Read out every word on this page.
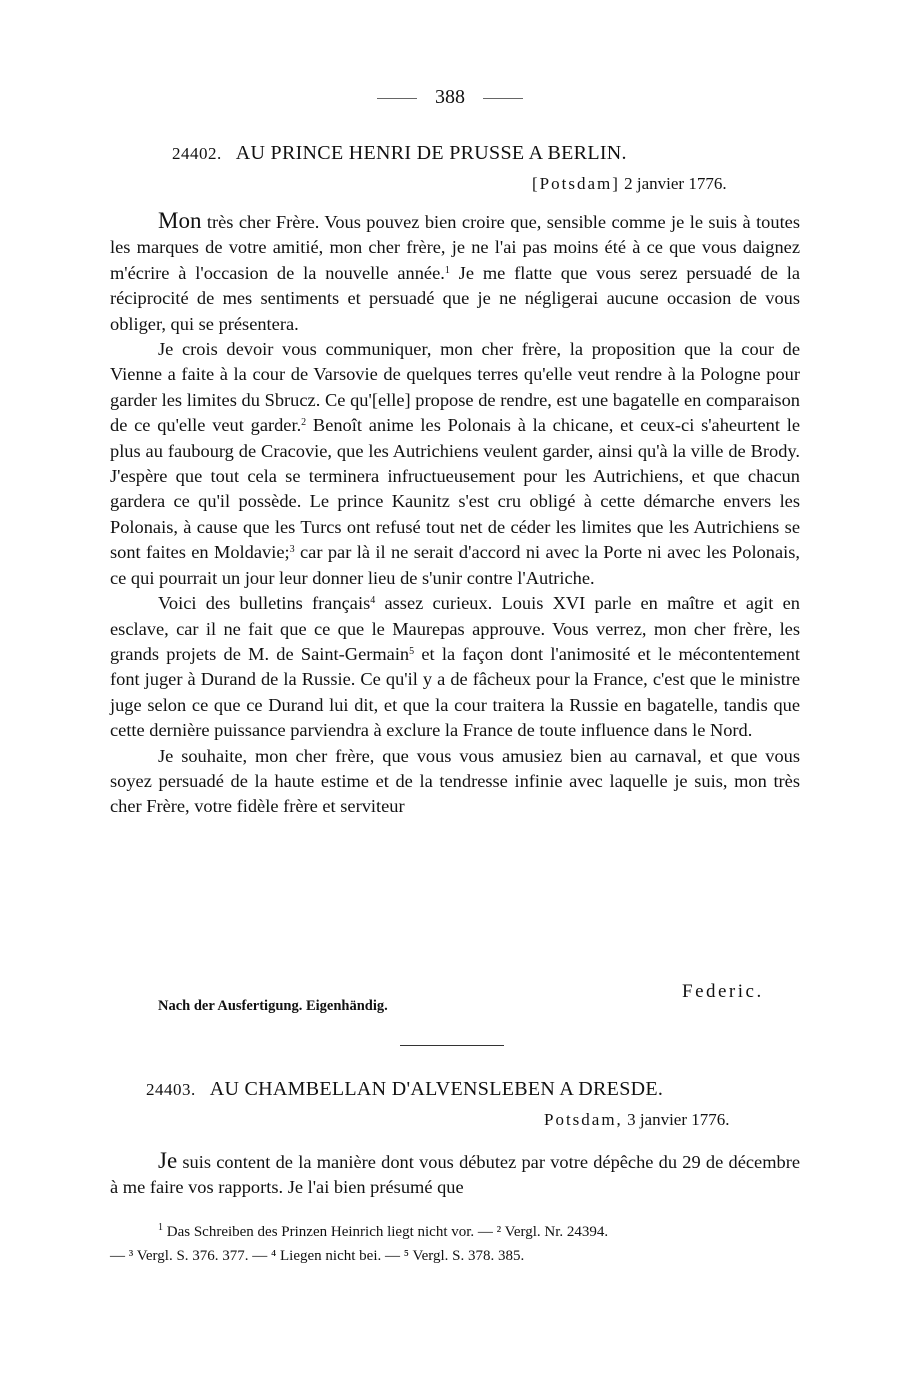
388
24402. AU PRINCE HENRI DE PRUSSE A BERLIN.
[Potsdam] 2 janvier 1776.

Mon très cher Frère. Vous pouvez bien croire que, sensible comme je le suis à toutes les marques de votre amitié, mon cher frère, je ne l'ai pas moins été à ce que vous daignez m'écrire à l'occasion de la nouvelle année.$^1$ Je me flatte que vous serez persuadé de la réciprocité de mes sentiments et persuadé que je ne négligerai aucune occasion de vous obliger, qui se présentera.

Je crois devoir vous communiquer, mon cher frère, la proposition que la cour de Vienne a faite à la cour de Varsovie de quelques terres qu'elle veut rendre à la Pologne pour garder les limites du Sbrucz. Ce qu'[elle] propose de rendre, est une bagatelle en comparaison de ce qu'elle veut garder.$^2$ Benoît anime les Polonais à la chicane, et ceux-ci s'aheurtent le plus au faubourg de Cracovie, que les Autrichiens veulent garder, ainsi qu'à la ville de Brody. J'espère que tout cela se terminera infructueusement pour les Autrichiens, et que chacun gardera ce qu'il possède. Le prince Kaunitz s'est cru obligé à cette démarche envers les Polonais, à cause que les Turcs ont refusé tout net de céder les limites que les Autrichiens se sont faites en Moldavie;$^3$ car par là il ne serait d'accord ni avec la Porte ni avec les Polonais, ce qui pourrait un jour leur donner lieu de s'unir contre l'Autriche.

Voici des bulletins français$^4$ assez curieux. Louis XVI parle en maître et agit en esclave, car il ne fait que ce que le Maurepas approuve. Vous verrez, mon cher frère, les grands projets de M. de Saint-Germain$^5$ et la façon dont l'animosité et le mécontentement font juger à Durand de la Russie. Ce qu'il y a de fâcheux pour la France, c'est que le ministre juge selon ce que ce Durand lui dit, et que la cour traitera la Russie en bagatelle, tandis que cette dernière puissance parviendra à exclure la France de toute influence dans le Nord.

Je souhaite, mon cher frère, que vous vous amusiez bien au carnaval, et que vous soyez persuadé de la haute estime et de la tendresse infinie avec laquelle je suis, mon très cher Frère, votre fidèle frère et serviteur

Federic.
Nach der Ausfertigung. Eigenhändig.
24403. AU CHAMBELLAN D'ALVENSLEBEN A DRESDE.
Potsdam, 3 janvier 1776.

Je suis content de la manière dont vous débutez par votre dépêche du 29 de décembre à me faire vos rapports. Je l'ai bien présumé que

$^1$ Das Schreiben des Prinzen Heinrich liegt nicht vor. — ² Vergl. Nr. 24394.
— ³ Vergl. S. 376. 377. — ⁴ Liegen nicht bei. — ⁵ Vergl. S. 378. 385.
